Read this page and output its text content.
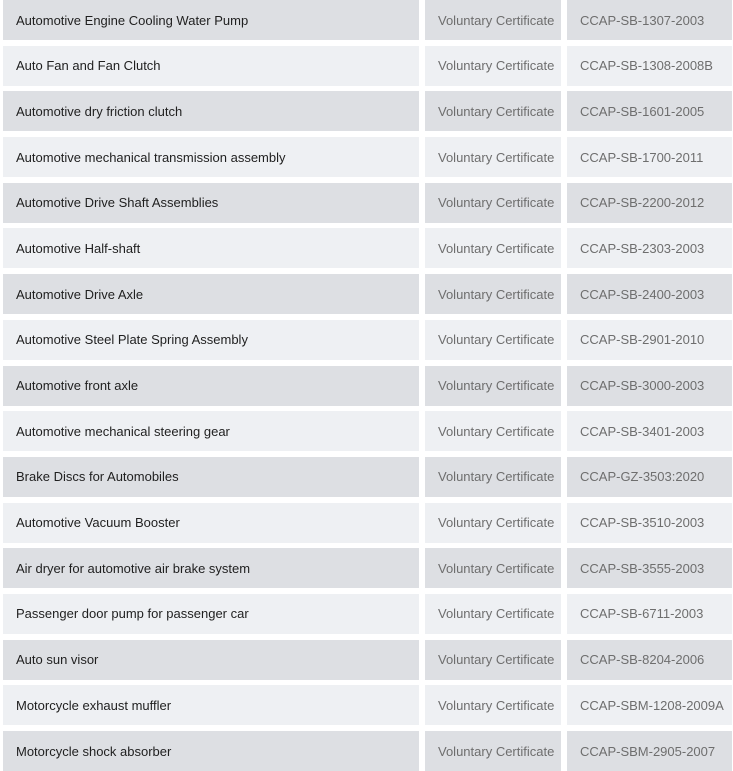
Automotive Engine Cooling Water Pump	Voluntary Certificate	CCAP-SB-1307-2003
Auto Fan and Fan Clutch	Voluntary Certificate	CCAP-SB-1308-2008B
Automotive dry friction clutch	Voluntary Certificate	CCAP-SB-1601-2005
Automotive mechanical transmission assembly	Voluntary Certificate	CCAP-SB-1700-2011
Automotive Drive Shaft Assemblies	Voluntary Certificate	CCAP-SB-2200-2012
Automotive Half-shaft	Voluntary Certificate	CCAP-SB-2303-2003
Automotive Drive Axle	Voluntary Certificate	CCAP-SB-2400-2003
Automotive Steel Plate Spring Assembly	Voluntary Certificate	CCAP-SB-2901-2010
Automotive front axle	Voluntary Certificate	CCAP-SB-3000-2003
Automotive mechanical steering gear	Voluntary Certificate	CCAP-SB-3401-2003
Brake Discs for Automobiles	Voluntary Certificate	CCAP-GZ-3503:2020
Automotive Vacuum Booster	Voluntary Certificate	CCAP-SB-3510-2003
Air dryer for automotive air brake system	Voluntary Certificate	CCAP-SB-3555-2003
Passenger door pump for passenger car	Voluntary Certificate	CCAP-SB-6711-2003
Auto sun visor	Voluntary Certificate	CCAP-SB-8204-2006
Motorcycle exhaust muffler	Voluntary Certificate	CCAP-SBM-1208-2009A
Motorcycle shock absorber	Voluntary Certificate	CCAP-SBM-2905-2007
